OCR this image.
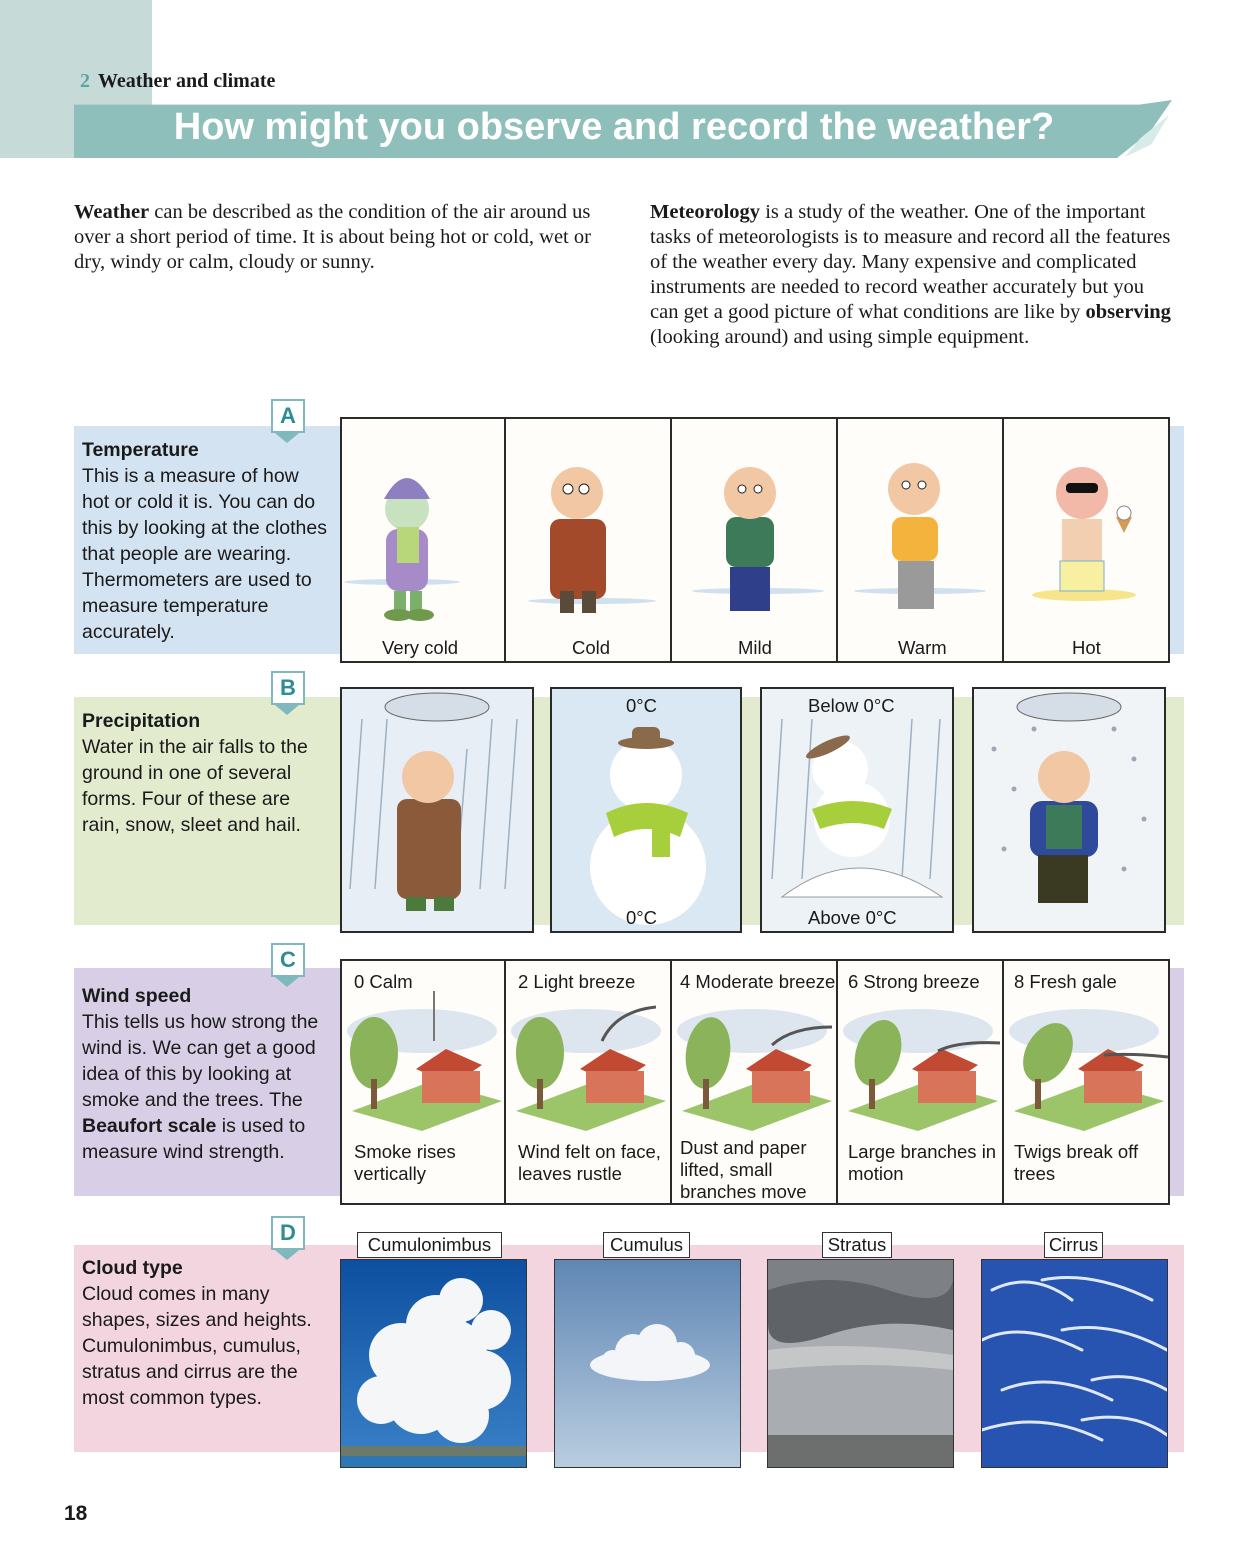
2 Weather and climate
How might you observe and record the weather?

Weather can be described as the condition of the air around us over a short period of time. It is about being hot or cold, wet or dry, windy or calm, cloudy or sunny.

Meteorology is a study of the weather. One of the important tasks of meteorologists is to measure and record all the features of the weather every day. Many expensive and complicated instruments are needed to record weather accurately but you can get a good picture of what conditions are like by observing (looking around) and using simple equipment.

A
Temperature
This is a measure of how hot or cold it is. You can do this by looking at the clothes that people are wearing. Thermometers are used to measure temperature accurately.
Very cold	Cold	Mild	Warm	Hot
B
Precipitation
Water in the air falls to the ground in one of several forms. Four of these are rain, snow, sleet and hail.
0°C
0°C
Below 0°C
Above 0°C
C
Wind speed
This tells us how strong the wind is. We can get a good idea of this by looking at smoke and the trees. The Beaufort scale is used to measure wind strength.
0 Calm
Smoke rises vertically
2 Light breeze
Wind felt on face, leaves rustle
4 Moderate breeze
Dust and paper lifted, small branches move
6 Strong breeze
Large branches in motion
8 Fresh gale
Twigs break off trees
D
Cloud type
Cloud comes in many shapes, sizes and heights. Cumulonimbus, cumulus, stratus and cirrus are the most common types.
Cumulonimbus	Cumulus	Stratus	Cirrus
18
